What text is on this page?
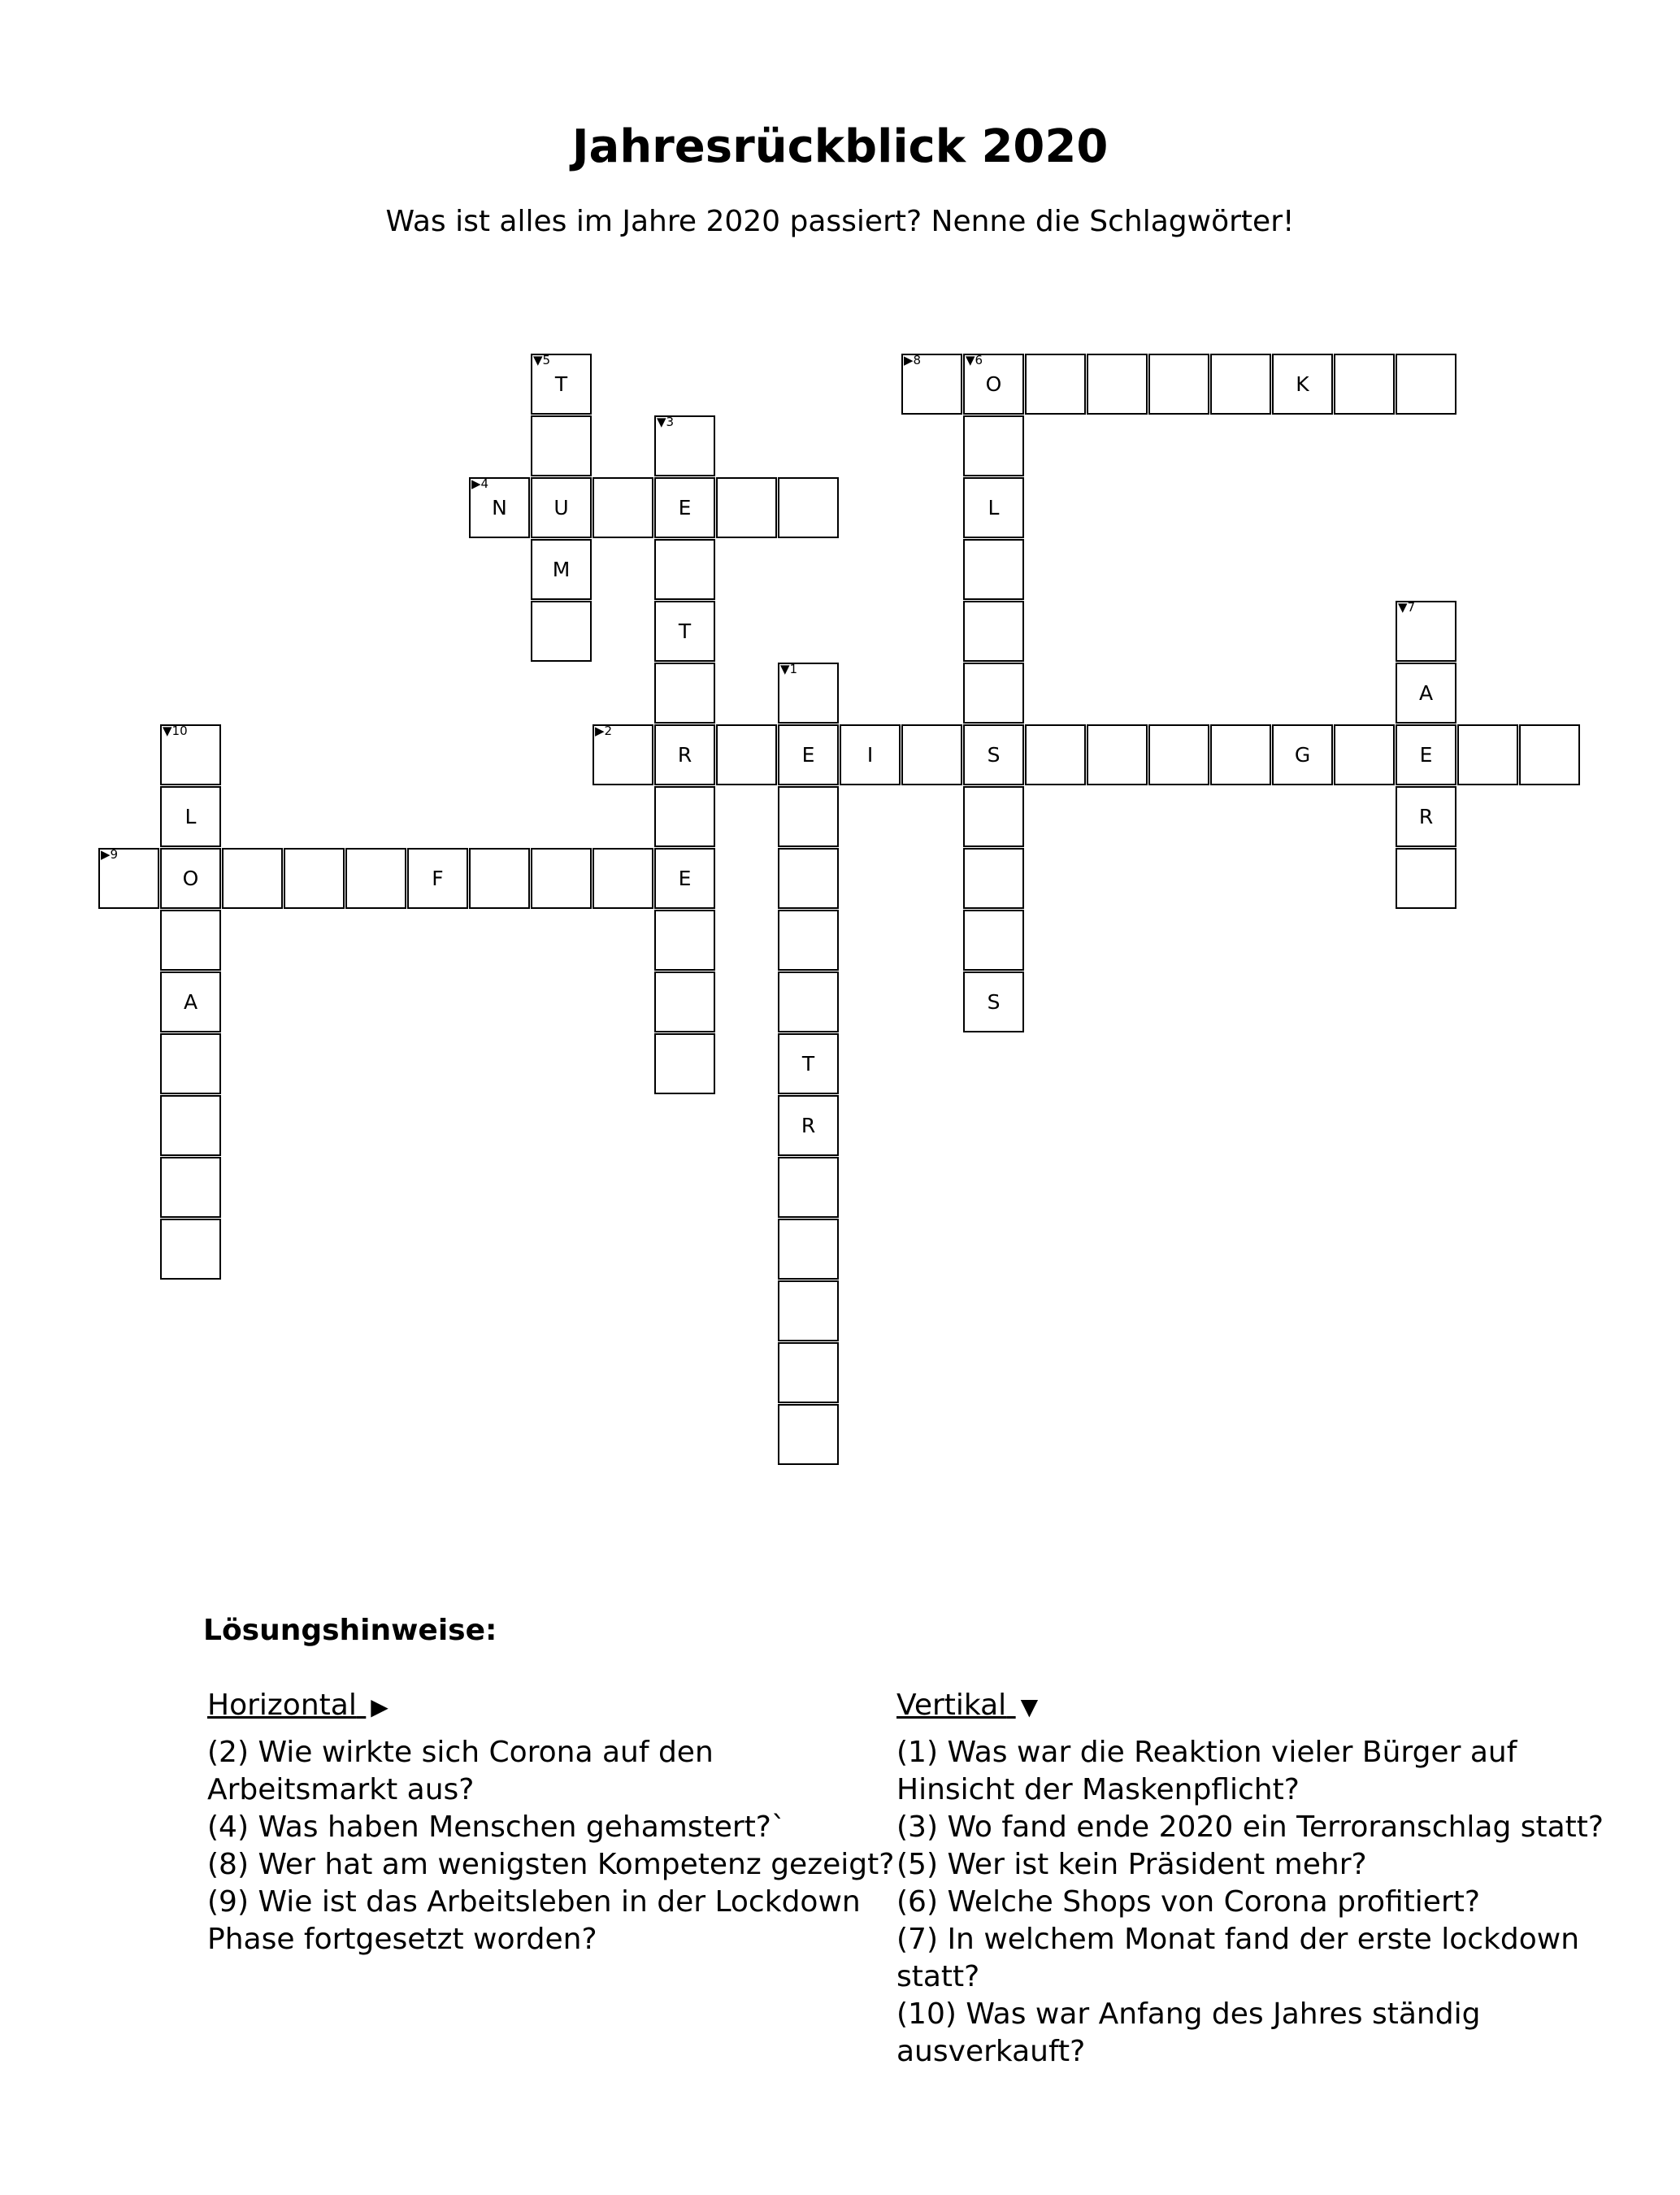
Jahresrückblick 2020

Was ist alles im Jahre 2020 passiert? Nenne die Schlagwörter!

▼5
T
▶8	▼6
O	K
▼3
▶4
N	U	E	L
M
T
▼7
▼1
A
▼10	▶2
R	E	I	S	G	E
L	R
▶9
O	F	E
A	S
T
R
Lösungshinweise:
Horizontal ▶

(2) Wie wirkte sich Corona auf den Arbeitsmarkt aus?

(4) Was haben Menschen gehamstert?`

(8) Wer hat am wenigsten Kompetenz gezeigt?

(9) Wie ist das Arbeitsleben in der Lockdown Phase fortgesetzt worden?

Vertikal ▼

(1) Was war die Reaktion vieler Bürger auf Hinsicht der Maskenpflicht?

(3) Wo fand ende 2020 ein Terroranschlag statt?

(5) Wer ist kein Präsident mehr?

(6) Welche Shops von Corona profitiert?

(7) In welchem Monat fand der erste lockdown statt?

(10) Was war Anfang des Jahres ständig ausverkauft?
